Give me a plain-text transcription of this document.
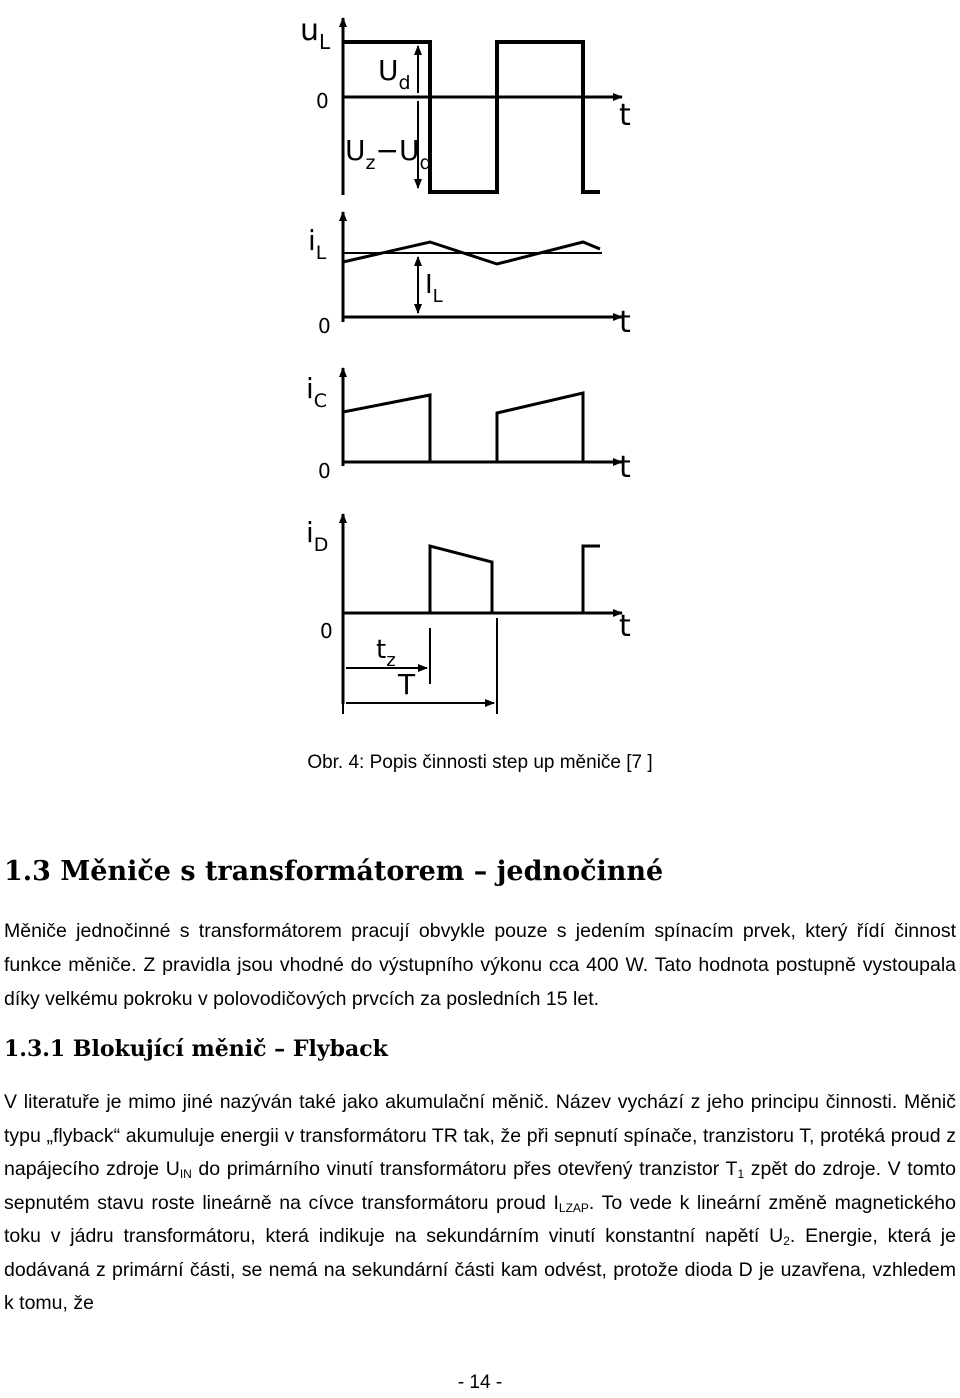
$u_L$
$U_d$
$U_z-U_d$
0	t
$i_L$
$I_L$
0	t
$i_C$
0	t
$i_D$
0	t
$t_z$
T
Obr. 4: Popis činnosti step up měniče [7 ]
1.3 Měniče s transformátorem – jednočinné

Měniče jednočinné s transformátorem pracují obvykle pouze s jedením spínacím prvek, který řídí činnost funkce měniče. Z pravidla jsou vhodné do výstupního výkonu cca 400 W. Tato hodnota postupně vystoupala díky velkému pokroku v polovodičových prvcích za posledních 15 let.

1.3.1 Blokující měnič – Flyback

V literatuře je mimo jiné nazýván také jako akumulační měnič. Název vychází z jeho principu činnosti. Měnič typu „flyback“ akumuluje energii v transformátoru TR tak, že při sepnutí spínače, tranzistoru T, protéká proud z napájecího zdroje $U_{IN}$ do primárního vinutí transformátoru přes otevřený tranzistor $T_1$ zpět do zdroje. V tomto sepnutém stavu roste lineárně na cívce transformátoru proud $I_{LZAP}$. To vede k lineární změně magnetického toku v jádru transformátoru, která indikuje na sekundárním vinutí konstantní napětí $U_2$. Energie, která je dodávaná z primární části, se nemá na sekundární části kam odvést, protože dioda D je uzavřena, vzhledem k tomu, že

- 14 -
